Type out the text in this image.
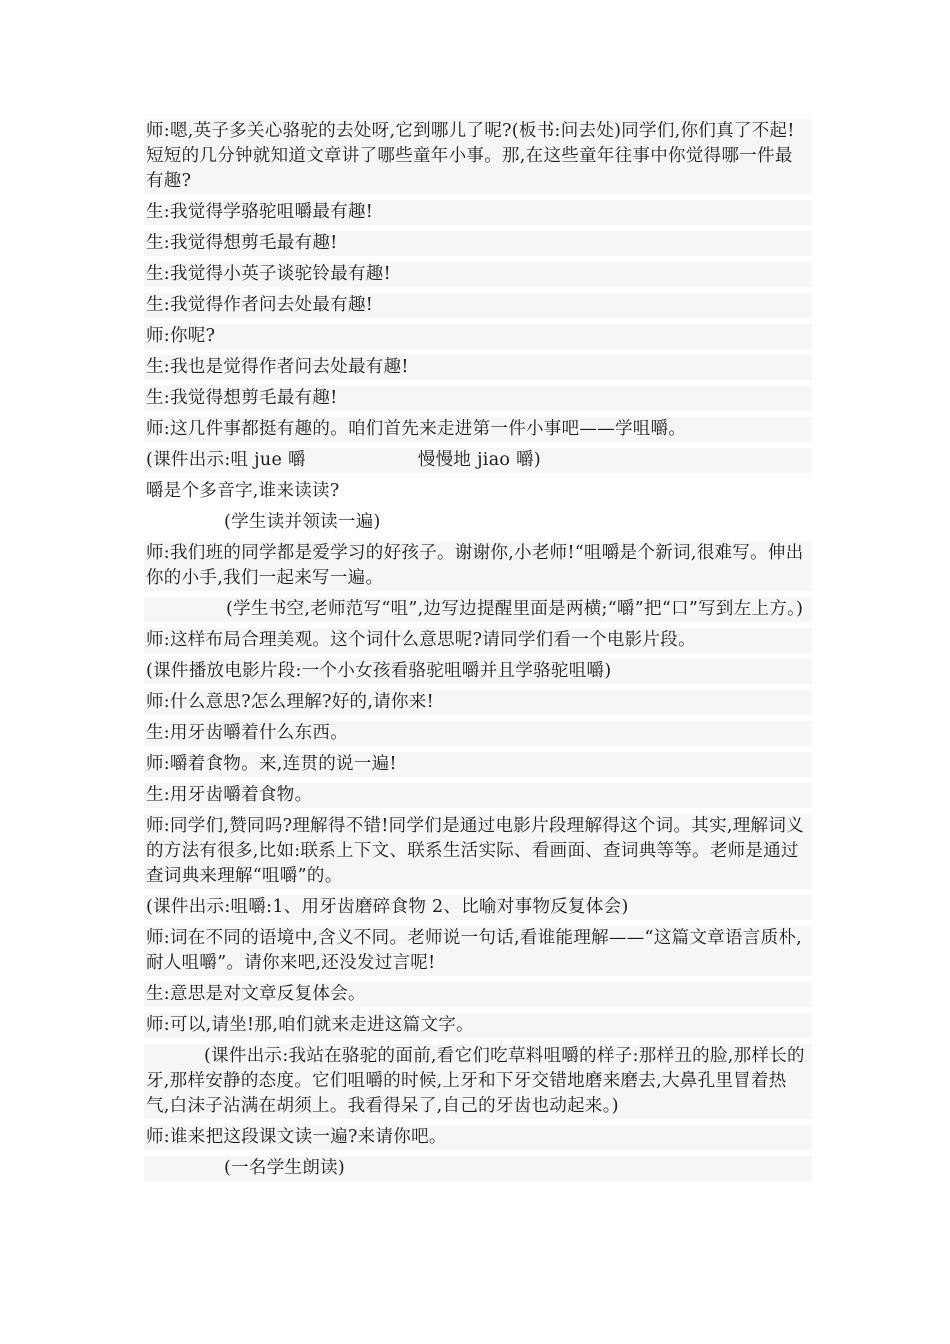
师:嗯,英子多关心骆驼的去处呀,它到哪儿了呢?(板书:问去处)同学们,你们真了不起!短短的几分钟就知道文章讲了哪些童年小事。那,在这些童年往事中你觉得哪一件最有趣?

生:我觉得学骆驼咀嚼最有趣!

生:我觉得想剪毛最有趣!

生:我觉得小英子谈驼铃最有趣!

生:我觉得作者问去处最有趣!

师:你呢?

生:我也是觉得作者问去处最有趣!

生:我觉得想剪毛最有趣!

师:这几件事都挺有趣的。咱们首先来走进第一件小事吧——学咀嚼。

(课件出示:咀 jue 嚼	慢慢地 jiao 嚼)

嚼是个多音字,谁来读读?

(学生读并领读一遍)

师:我们班的同学都是爱学习的好孩子。谢谢你,小老师!“咀嚼是个新词,很难写。伸出你的小手,我们一起来写一遍。

(学生书空,老师范写“咀”,边写边提醒里面是两横;“嚼”把“口”写到左上方。)

师:这样布局合理美观。这个词什么意思呢?请同学们看一个电影片段。

(课件播放电影片段:一个小女孩看骆驼咀嚼并且学骆驼咀嚼)

师:什么意思?怎么理解?好的,请你来!

生:用牙齿嚼着什么东西。

师:嚼着食物。来,连贯的说一遍!

生:用牙齿嚼着食物。

师:同学们,赞同吗?理解得不错!同学们是通过电影片段理解得这个词。其实,理解词义的方法有很多,比如:联系上下文、联系生活实际、看画面、查词典等等。老师是通过查词典来理解“咀嚼”的。

(课件出示:咀嚼:1、用牙齿磨碎食物 2、比喻对事物反复体会)

师:词在不同的语境中,含义不同。老师说一句话,看谁能理解——“这篇文章语言质朴,耐人咀嚼”。请你来吧,还没发过言呢!

生:意思是对文章反复体会。

师:可以,请坐!那,咱们就来走进这篇文字。

(课件出示:我站在骆驼的面前,看它们吃草料咀嚼的样子:那样丑的脸,那样长的牙,那样安静的态度。它们咀嚼的时候,上牙和下牙交错地磨来磨去,大鼻孔里冒着热气,白沫子沾满在胡须上。我看得呆了,自己的牙齿也动起来。)

师:谁来把这段课文读一遍?来请你吧。

(一名学生朗读)
